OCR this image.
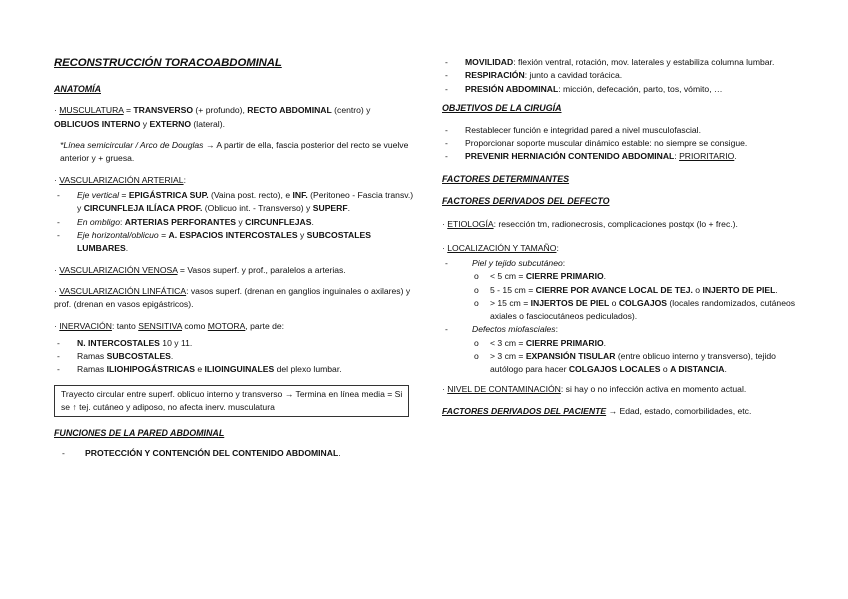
RECONSTRUCCIÓN TORACOABDOMINAL
ANATOMÍA
· MUSCULATURA = TRANSVERSO (+ profundo), RECTO ABDOMINAL (centro) y OBLICUOS INTERNO y EXTERNO (lateral).
*Línea semicircular / Arco de Douglas → A partir de ella, fascia posterior del recto se vuelve anterior y + gruesa.
· VASCULARIZACIÓN ARTERIAL:
- Eje vertical = EPIGÁSTRICA SUP. (Vaina post. recto), e INF. (Peritoneo - Fascia transv.) y CIRCUNFLEJA ILÍACA PROF. (Oblicuo int. - Transverso) y SUPERF.
- En ombligo: ARTERIAS PERFORANTES y CIRCUNFLEJAS.
- Eje horizontal/oblicuo = A. ESPACIOS INTERCOSTALES y SUBCOSTALES LUMBARES.
· VASCULARIZACIÓN VENOSA = Vasos superf. y prof., paralelos a arterias.
· VASCULARIZACIÓN LINFÁTICA: vasos superf. (drenan en ganglios inguinales o axilares) y prof. (drenan en vasos epigástricos).
· INERVACIÓN: tanto SENSITIVA como MOTORA, parte de:
- N. INTERCOSTALES 10 y 11.
- Ramas SUBCOSTALES.
- Ramas ILIOHIPOGÁSTRICAS e ILIOINGUINALES del plexo lumbar.
Trayecto circular entre superf. oblicuo interno y transverso → Termina en línea media = Si se ↑ tej. cutáneo y adiposo, no afecta inerv. musculatura
FUNCIONES DE LA PARED ABDOMINAL
- PROTECCIÓN Y CONTENCIÓN DEL CONTENIDO ABDOMINAL.
- MOVILIDAD: flexión ventral, rotación, mov. laterales y estabiliza columna lumbar.
- RESPIRACIÓN: junto a cavidad torácica.
- PRESIÓN ABDOMINAL: micción, defecación, parto, tos, vómito, …
OBJETIVOS DE LA CIRUGÍA
- Restablecer función e integridad pared a nivel musculofascial.
- Proporcionar soporte muscular dinámico estable: no siempre se consigue.
- PREVENIR HERNIACIÓN CONTENIDO ABDOMINAL: PRIORITARIO.
FACTORES DETERMINANTES
FACTORES DERIVADOS DEL DEFECTO
· ETIOLOGÍA: resección tm, radionecrosis, complicaciones postqx (lo + frec.).
· LOCALIZACIÓN Y TAMAÑO:
- Piel y tejido subcutáneo:
o < 5 cm = CIERRE PRIMARIO.
o 5 - 15 cm = CIERRE POR AVANCE LOCAL DE TEJ. o INJERTO DE PIEL.
o > 15 cm = INJERTOS DE PIEL o COLGAJOS (locales randomizados, cutáneos axiales o fasciocutáneos pediculados).
- Defectos miofasciales:
o < 3 cm = CIERRE PRIMARIO.
o > 3 cm = EXPANSIÓN TISULAR (entre oblicuo interno y transverso), tejido autólogo para hacer COLGAJOS LOCALES o A DISTANCIA.
· NIVEL DE CONTAMINACIÓN: si hay o no infección activa en momento actual.
FACTORES DERIVADOS DEL PACIENTE → Edad, estado, comorbilidades, etc.
